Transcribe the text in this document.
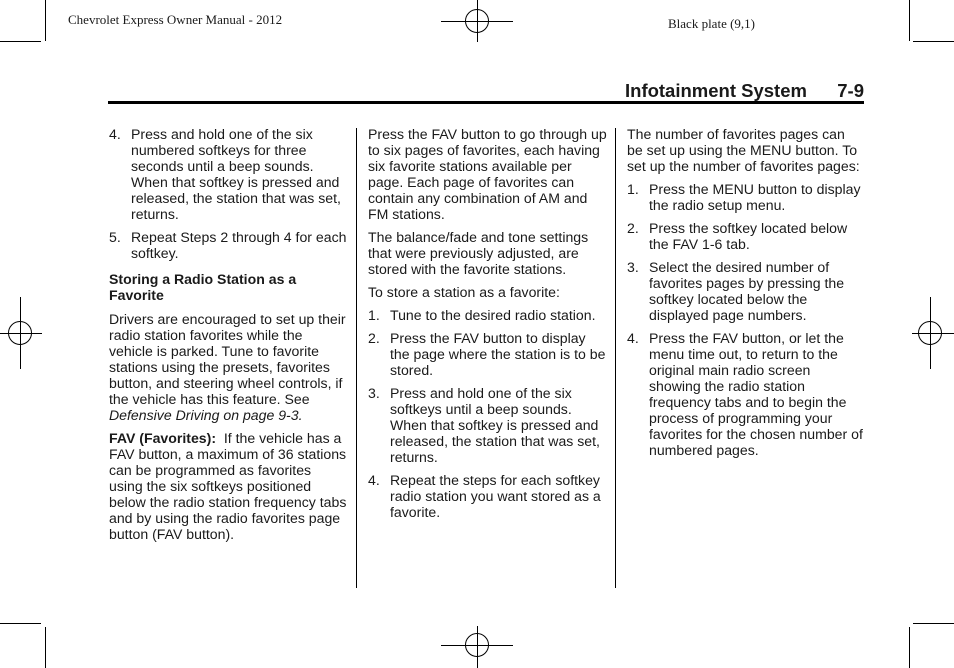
Chevrolet Express Owner Manual - 2012	Black plate (9,1)
Infotainment System 7-9
4. Press and hold one of the six numbered softkeys for three seconds until a beep sounds. When that softkey is pressed and released, the station that was set, returns.
5. Repeat Steps 2 through 4 for each softkey.
Storing a Radio Station as a Favorite

Drivers are encouraged to set up their radio station favorites while the vehicle is parked. Tune to favorite stations using the presets, favorites button, and steering wheel controls, if the vehicle has this feature. See Defensive Driving on page 9-3.

FAV (Favorites): If the vehicle has a FAV button, a maximum of 36 stations can be programmed as favorites using the six softkeys positioned below the radio station frequency tabs and by using the radio favorites page button (FAV button).

Press the FAV button to go through up to six pages of favorites, each having six favorite stations available per page. Each page of favorites can contain any combination of AM and FM stations.

The balance/fade and tone settings that were previously adjusted, are stored with the favorite stations.

To store a station as a favorite:

1. Tune to the desired radio station.
2. Press the FAV button to display the page where the station is to be stored.
3. Press and hold one of the six softkeys until a beep sounds. When that softkey is pressed and released, the station that was set, returns.
4. Repeat the steps for each softkey radio station you want stored as a favorite.

The number of favorites pages can be set up using the MENU button. To set up the number of favorites pages:

1. Press the MENU button to display the radio setup menu.
2. Press the softkey located below the FAV 1-6 tab.
3. Select the desired number of favorites pages by pressing the softkey located below the displayed page numbers.
4. Press the FAV button, or let the menu time out, to return to the original main radio screen showing the radio station frequency tabs and to begin the process of programming your favorites for the chosen number of numbered pages.
